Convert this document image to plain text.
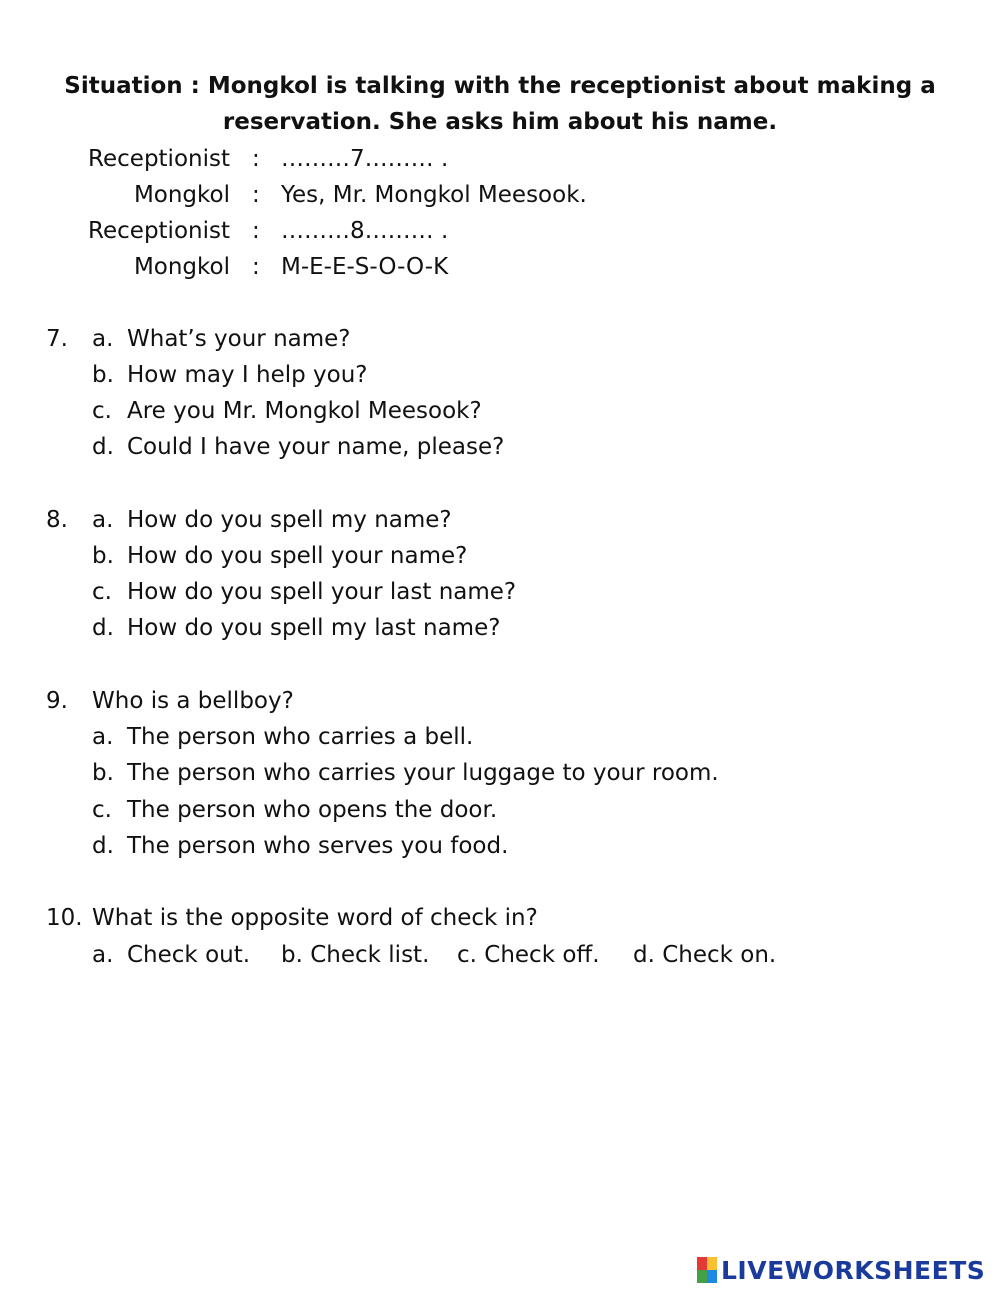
Situation : Mongkol is talking with the receptionist about making a reservation. She asks him about his name.
Receptionist : ………7……… .
Mongkol : Yes, Mr. Mongkol Meesook.
Receptionist : ………8……… .
Mongkol : M-E-E-S-O-O-K
7. a. What’s your name?
b. How may I help you?
c. Are you Mr. Mongkol Meesook?
d. Could I have your name, please?
8. a. How do you spell my name?
b. How do you spell your name?
c. How do you spell your last name?
d. How do you spell my last name?
9. Who is a bellboy?
a. The person who carries a bell.
b. The person who carries your luggage to your room.
c. The person who opens the door.
d. The person who serves you food.
10. What is the opposite word of check in?
a. Check out. b. Check list. c. Check off. d. Check on.
LIVEWORKSHEETS
